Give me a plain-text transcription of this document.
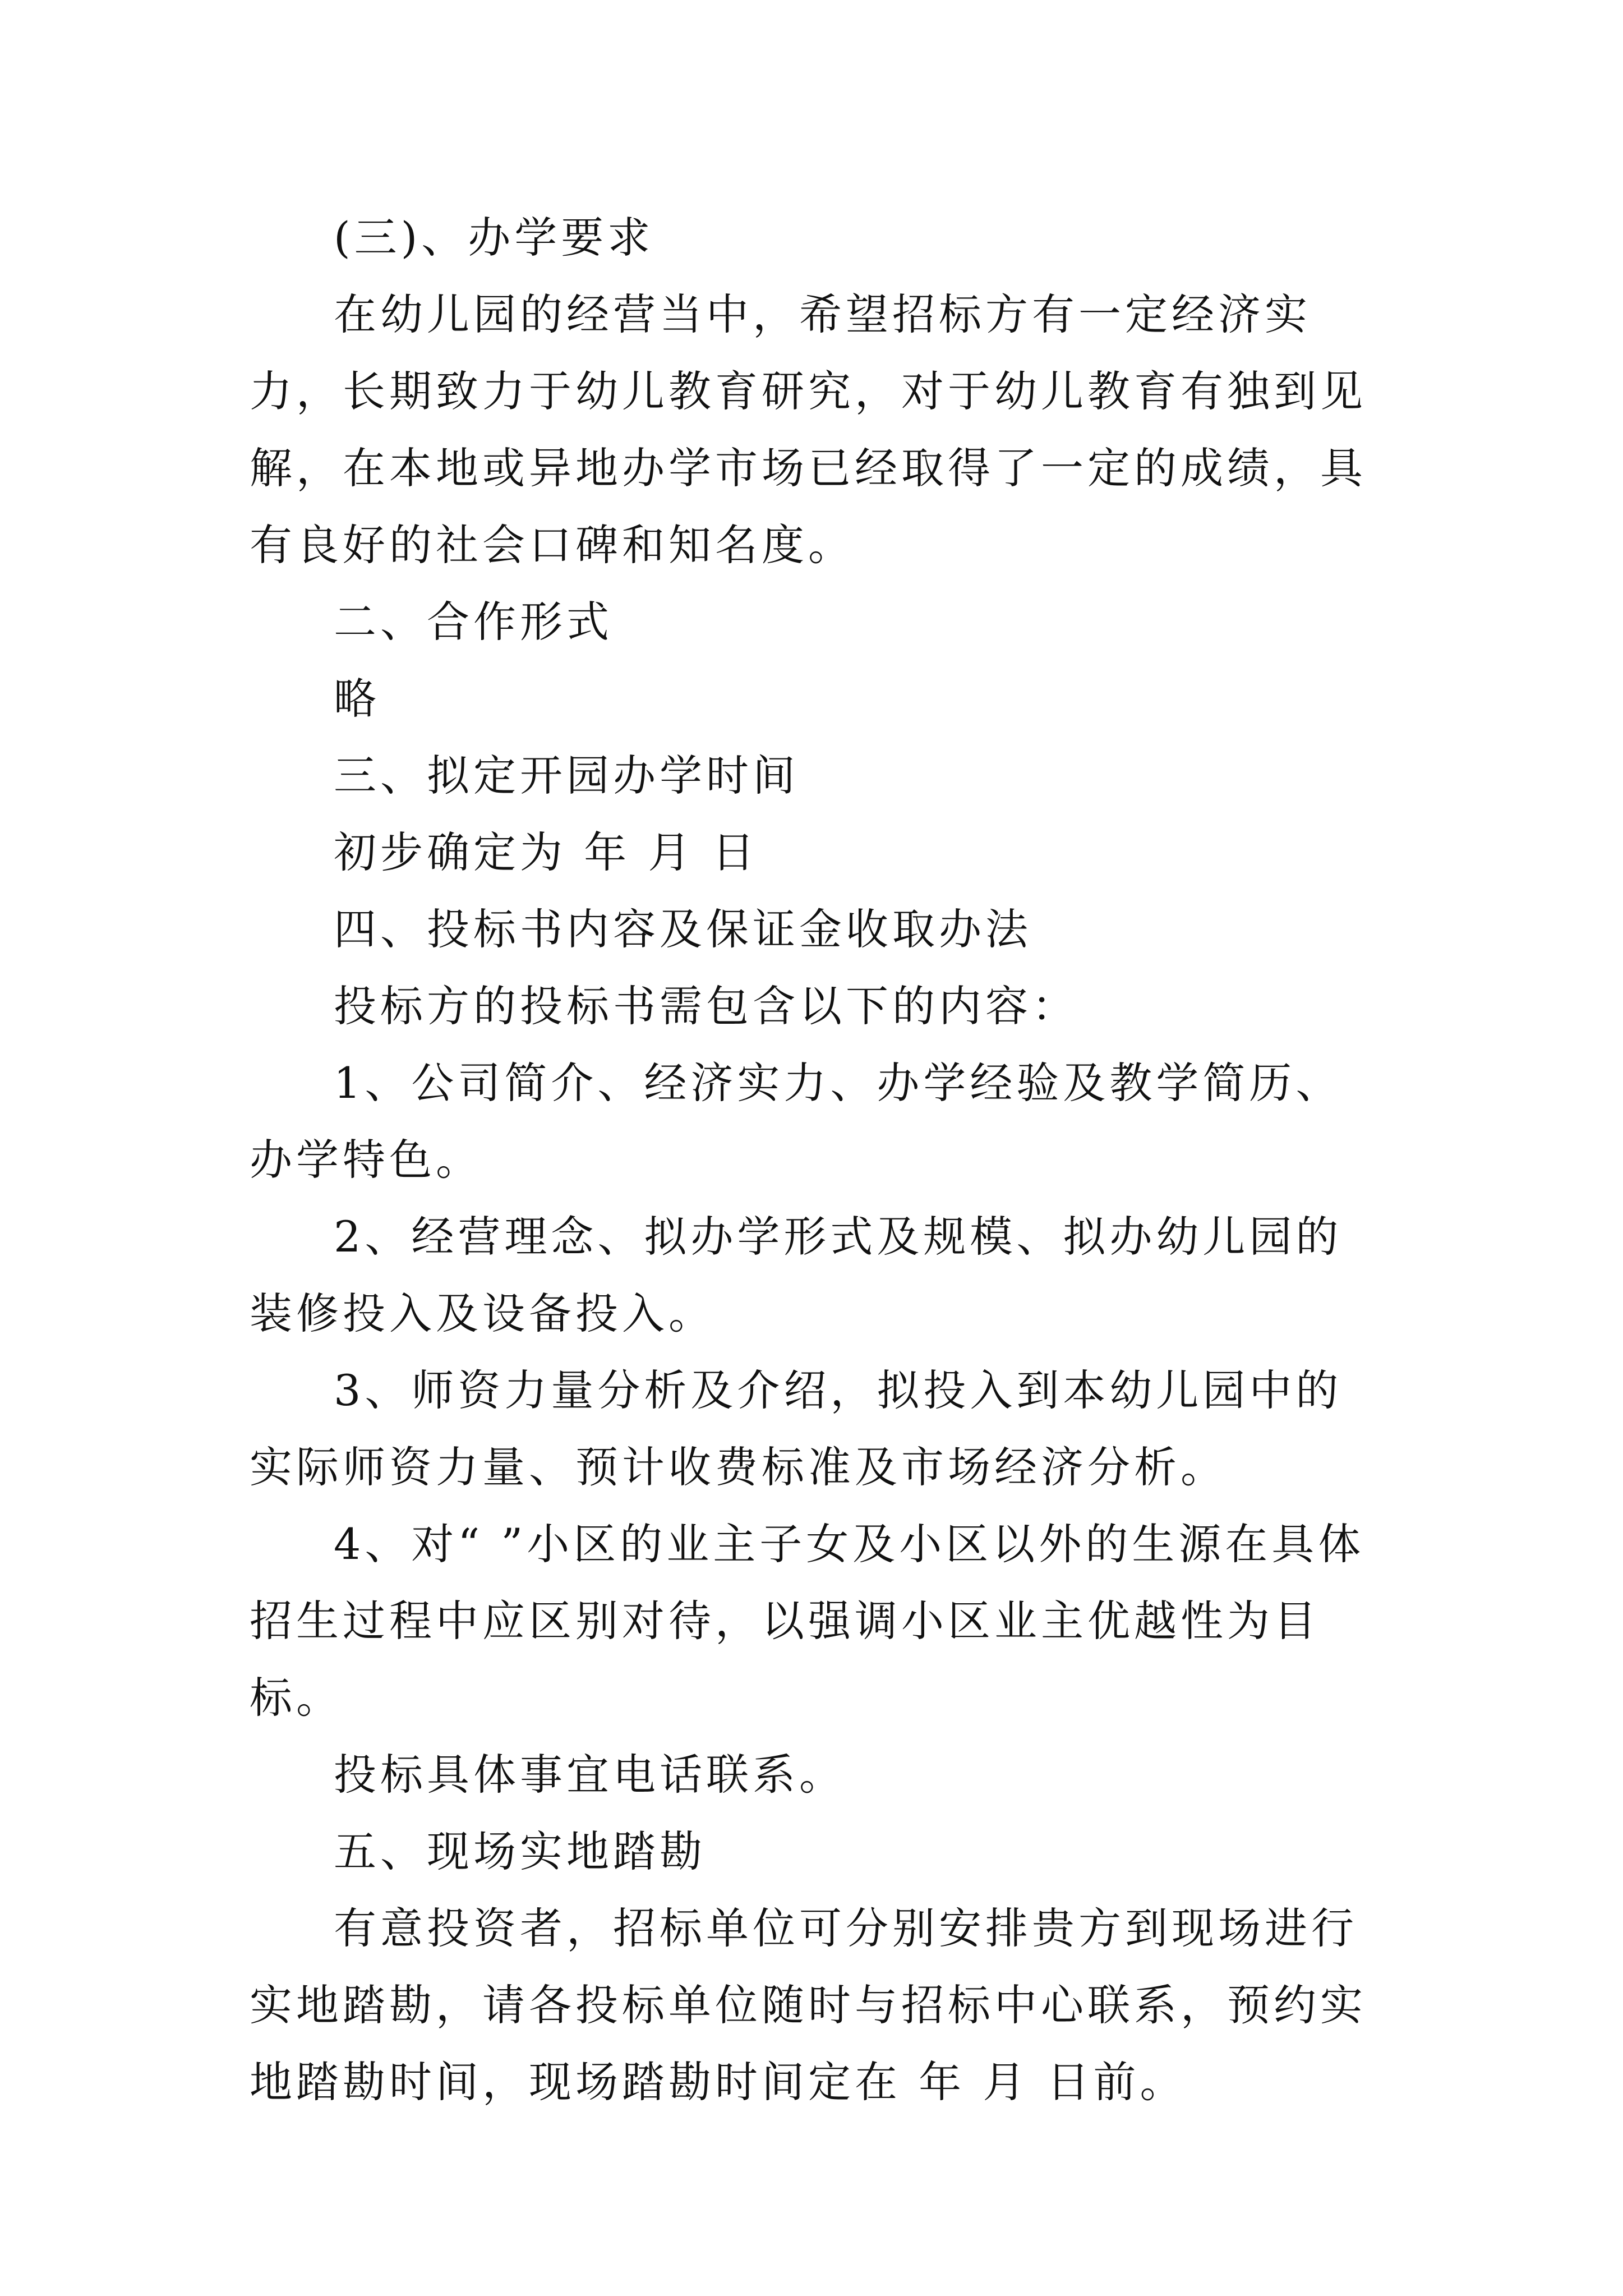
(三)、办学要求

在幼儿园的经营当中，希望招标方有一定经济实力，长期致力于幼儿教育研究，对于幼儿教育有独到见解，在本地或异地办学市场已经取得了一定的成绩，具有良好的社会口碑和知名度。

二、合作形式

略

三、拟定开园办学时间

初步确定为 年 月 日

四、投标书内容及保证金收取办法

投标方的投标书需包含以下的内容：

1、公司简介、经济实力、办学经验及教学简历、办学特色。

2、经营理念、拟办学形式及规模、拟办幼儿园的装修投入及设备投入。

3、师资力量分析及介绍，拟投入到本幼儿园中的实际师资力量、预计收费标准及市场经济分析。

4、对“ ”小区的业主子女及小区以外的生源在具体招生过程中应区别对待，以强调小区业主优越性为目标。

投标具体事宜电话联系。

五、现场实地踏勘

有意投资者，招标单位可分别安排贵方到现场进行实地踏勘，请各投标单位随时与招标中心联系，预约实地踏勘时间，现场踏勘时间定在 年 月 日前。
